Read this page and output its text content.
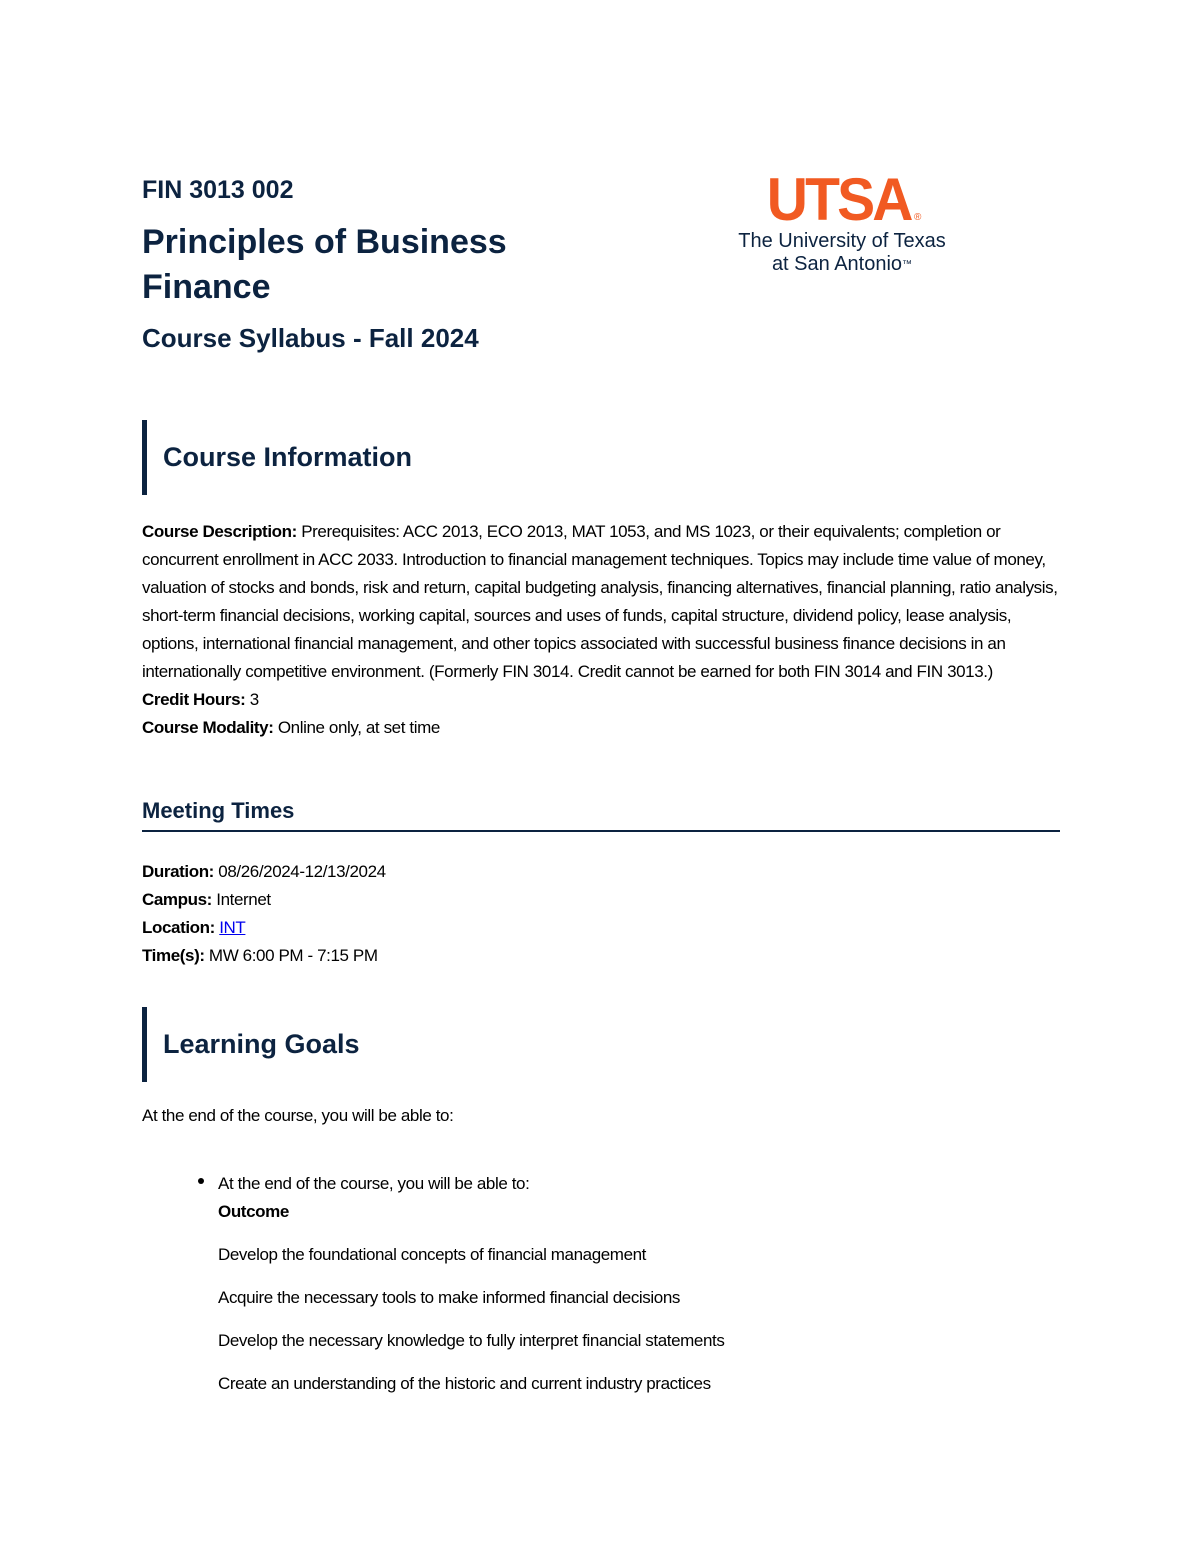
FIN 3013 002
Principles of Business Finance
Course Syllabus - Fall 2024
UTSA ®
The University of Texas
at San Antonio™
Course Information

Course Description: Prerequisites: ACC 2013, ECO 2013, MAT 1053, and MS 1023, or their equivalents; completion or concurrent enrollment in ACC 2033. Introduction to financial management techniques. Topics may include time value of money, valuation of stocks and bonds, risk and return, capital budgeting analysis, financing alternatives, financial planning, ratio analysis, short-term financial decisions, working capital, sources and uses of funds, capital structure, dividend policy, lease analysis, options, international financial management, and other topics associated with successful business finance decisions in an internationally competitive environment. (Formerly FIN 3014. Credit cannot be earned for both FIN 3014 and FIN 3013.)

Credit Hours: 3

Course Modality: Online only, at set time

Meeting Times

Duration: 08/26/2024-12/13/2024

Campus: Internet

Location: INT

Time(s): MW 6:00 PM - 7:15 PM

Learning Goals

At the end of the course, you will be able to:

At the end of the course, you will be able to:

Outcome

Develop the foundational concepts of financial management

Acquire the necessary tools to make informed financial decisions

Develop the necessary knowledge to fully interpret financial statements

Create an understanding of the historic and current industry practices
